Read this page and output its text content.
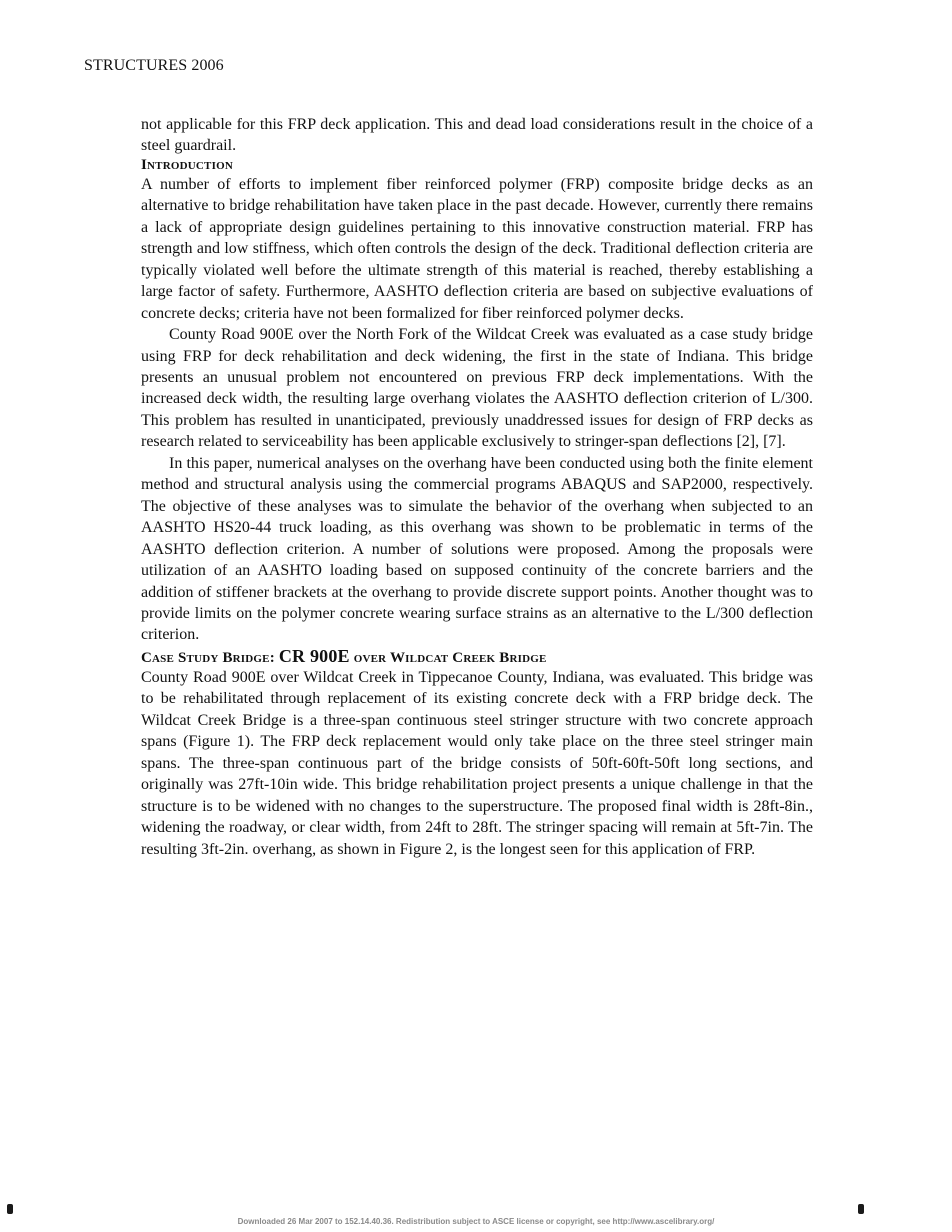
STRUCTURES 2006

not applicable for this FRP deck application. This and dead load considerations result in the choice of a steel guardrail.

Introduction

A number of efforts to implement fiber reinforced polymer (FRP) composite bridge decks as an alternative to bridge rehabilitation have taken place in the past decade. However, currently there remains a lack of appropriate design guidelines pertaining to this innovative construction material. FRP has strength and low stiffness, which often controls the design of the deck. Traditional deflection criteria are typically violated well before the ultimate strength of this material is reached, thereby establishing a large factor of safety. Furthermore, AASHTO deflection criteria are based on subjective evaluations of concrete decks; criteria have not been formalized for fiber reinforced polymer decks.

County Road 900E over the North Fork of the Wildcat Creek was evaluated as a case study bridge using FRP for deck rehabilitation and deck widening, the first in the state of Indiana. This bridge presents an unusual problem not encountered on previous FRP deck implementations. With the increased deck width, the resulting large overhang violates the AASHTO deflection criterion of L/300. This problem has resulted in unanticipated, previously unaddressed issues for design of FRP decks as research related to serviceability has been applicable exclusively to stringer-span deflections [2], [7].

In this paper, numerical analyses on the overhang have been conducted using both the finite element method and structural analysis using the commercial programs ABAQUS and SAP2000, respectively. The objective of these analyses was to simulate the behavior of the overhang when subjected to an AASHTO HS20-44 truck loading, as this overhang was shown to be problematic in terms of the AASHTO deflection criterion. A number of solutions were proposed. Among the proposals were utilization of an AASHTO loading based on supposed continuity of the concrete barriers and the addition of stiffener brackets at the overhang to provide discrete support points. Another thought was to provide limits on the polymer concrete wearing surface strains as an alternative to the L/300 deflection criterion.

Case Study Bridge: CR 900E over Wildcat Creek Bridge

County Road 900E over Wildcat Creek in Tippecanoe County, Indiana, was evaluated. This bridge was to be rehabilitated through replacement of its existing concrete deck with a FRP bridge deck. The Wildcat Creek Bridge is a three-span continuous steel stringer structure with two concrete approach spans (Figure 1). The FRP deck replacement would only take place on the three steel stringer main spans. The three-span continuous part of the bridge consists of 50ft-60ft-50ft long sections, and originally was 27ft-10in wide. This bridge rehabilitation project presents a unique challenge in that the structure is to be widened with no changes to the superstructure. The proposed final width is 28ft-8in., widening the roadway, or clear width, from 24ft to 28ft. The stringer spacing will remain at 5ft-7in. The resulting 3ft-2in. overhang, as shown in Figure 2, is the longest seen for this application of FRP.

Downloaded 26 Mar 2007 to 152.14.40.36. Redistribution subject to ASCE license or copyright, see http://www.ascelibrary.org/
